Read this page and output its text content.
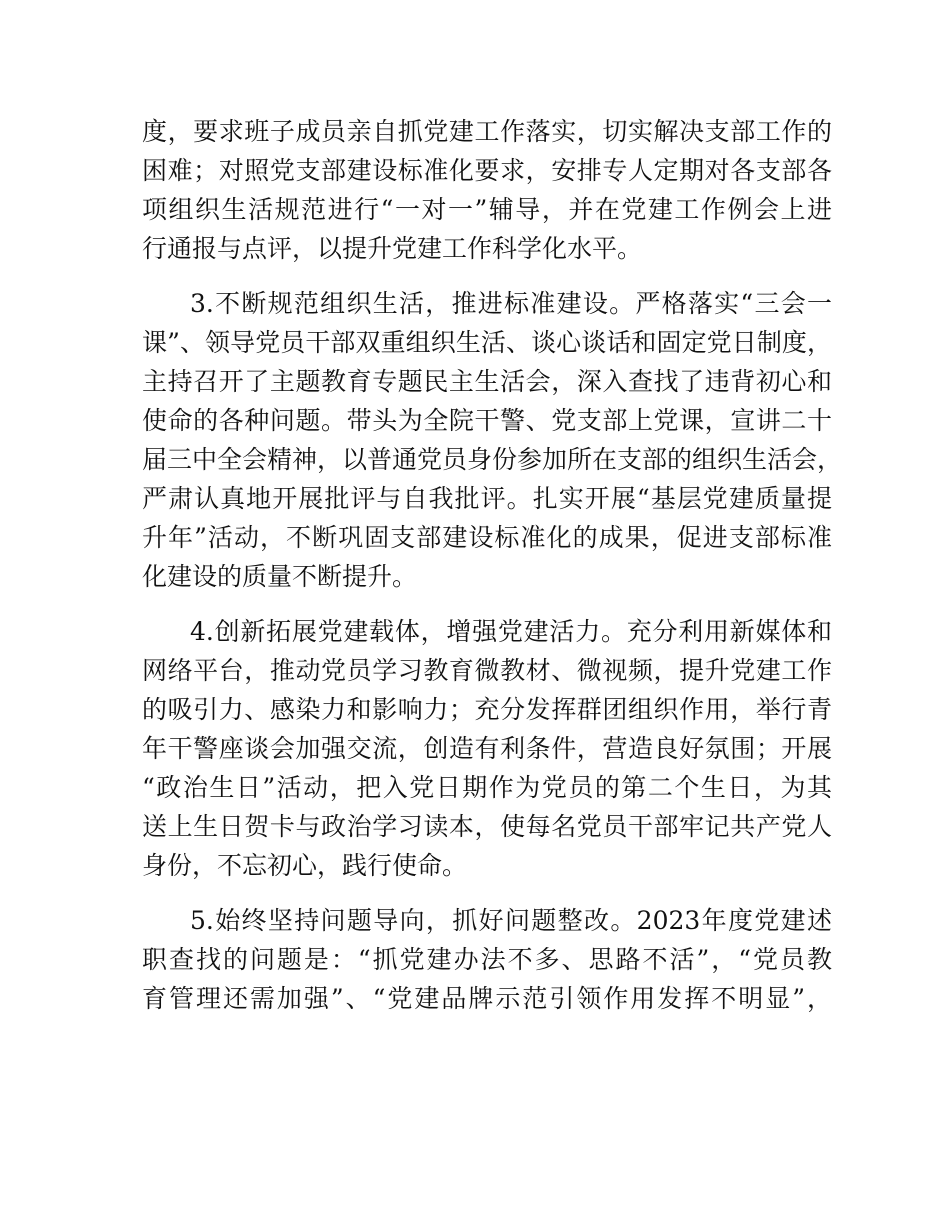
度，要求班子成员亲自抓党建工作落实，切实解决支部工作的
困难；对照党支部建设标准化要求，安排专人定期对各支部各
项组织生活规范进行“一对一”辅导，并在党建工作例会上进
行通报与点评，以提升党建工作科学化水平。
3.不断规范组织生活，推进标准建设。严格落实“三会一
课”、领导党员干部双重组织生活、谈心谈话和固定党日制度，
主持召开了主题教育专题民主生活会，深入查找了违背初心和
使命的各种问题。带头为全院干警、党支部上党课，宣讲二十
届三中全会精神，以普通党员身份参加所在支部的组织生活会，
严肃认真地开展批评与自我批评。扎实开展“基层党建质量提
升年”活动，不断巩固支部建设标准化的成果，促进支部标准
化建设的质量不断提升。
4.创新拓展党建载体，增强党建活力。充分利用新媒体和
网络平台，推动党员学习教育微教材、微视频，提升党建工作
的吸引力、感染力和影响力；充分发挥群团组织作用，举行青
年干警座谈会加强交流，创造有利条件，营造良好氛围；开展
“政治生日”活动，把入党日期作为党员的第二个生日，为其
送上生日贺卡与政治学习读本，使每名党员干部牢记共产党人
身份，不忘初心，践行使命。
5.始终坚持问题导向，抓好问题整改。2023年度党建述
职查找的问题是：“抓党建办法不多、思路不活”，“党员教
育管理还需加强”、“党建品牌示范引领作用发挥不明显”，
